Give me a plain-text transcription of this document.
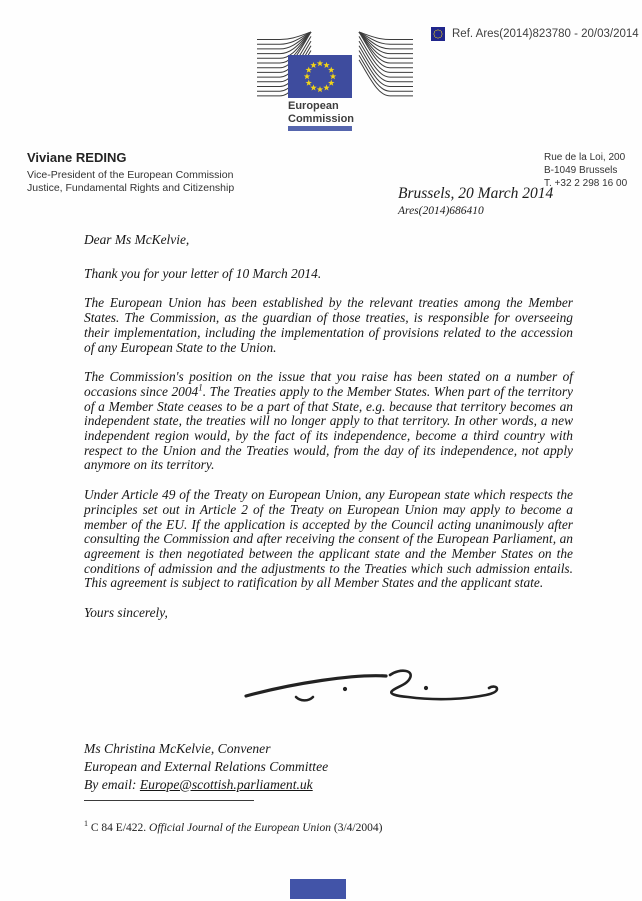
Ref. Ares(2014)823780 - 20/03/2014
European
Commission
Viviane REDING
Vice-President of the European Commission
Justice, Fundamental Rights and Citizenship
Rue de la Loi, 200
B-1049 Brussels
T. +32 2 298 16 00
Brussels, 20 March 2014
Ares(2014)686410

Dear Ms McKelvie,

Thank you for your letter of 10 March 2014.

The European Union has been established by the relevant treaties among the Member States. The Commission, as the guardian of those treaties, is responsible for overseeing their implementation, including the implementation of provisions related to the accession of any European State to the Union.

The Commission's position on the issue that you raise has been stated on a number of occasions since 2004$^1$. The Treaties apply to the Member States. When part of the territory of a Member State ceases to be a part of that State, e.g. because that territory becomes an independent state, the treaties will no longer apply to that territory. In other words, a new independent region would, by the fact of its independence, become a third country with respect to the Union and the Treaties would, from the day of its independence, not apply anymore on its territory.

Under Article 49 of the Treaty on European Union, any European state which respects the principles set out in Article 2 of the Treaty on European Union may apply to become a member of the EU. If the application is accepted by the Council acting unanimously after consulting the Commission and after receiving the consent of the European Parliament, an agreement is then negotiated between the applicant state and the Member States on the conditions of admission and the adjustments to the Treaties which such admission entails. This agreement is subject to ratification by all Member States and the applicant state.

Yours sincerely,

Ms Christina McKelvie, Convener
European and External Relations Committee
By email: Europe@scottish.parliament.uk
$^1$ C 84 E/422. Official Journal of the European Union (3/4/2004)
